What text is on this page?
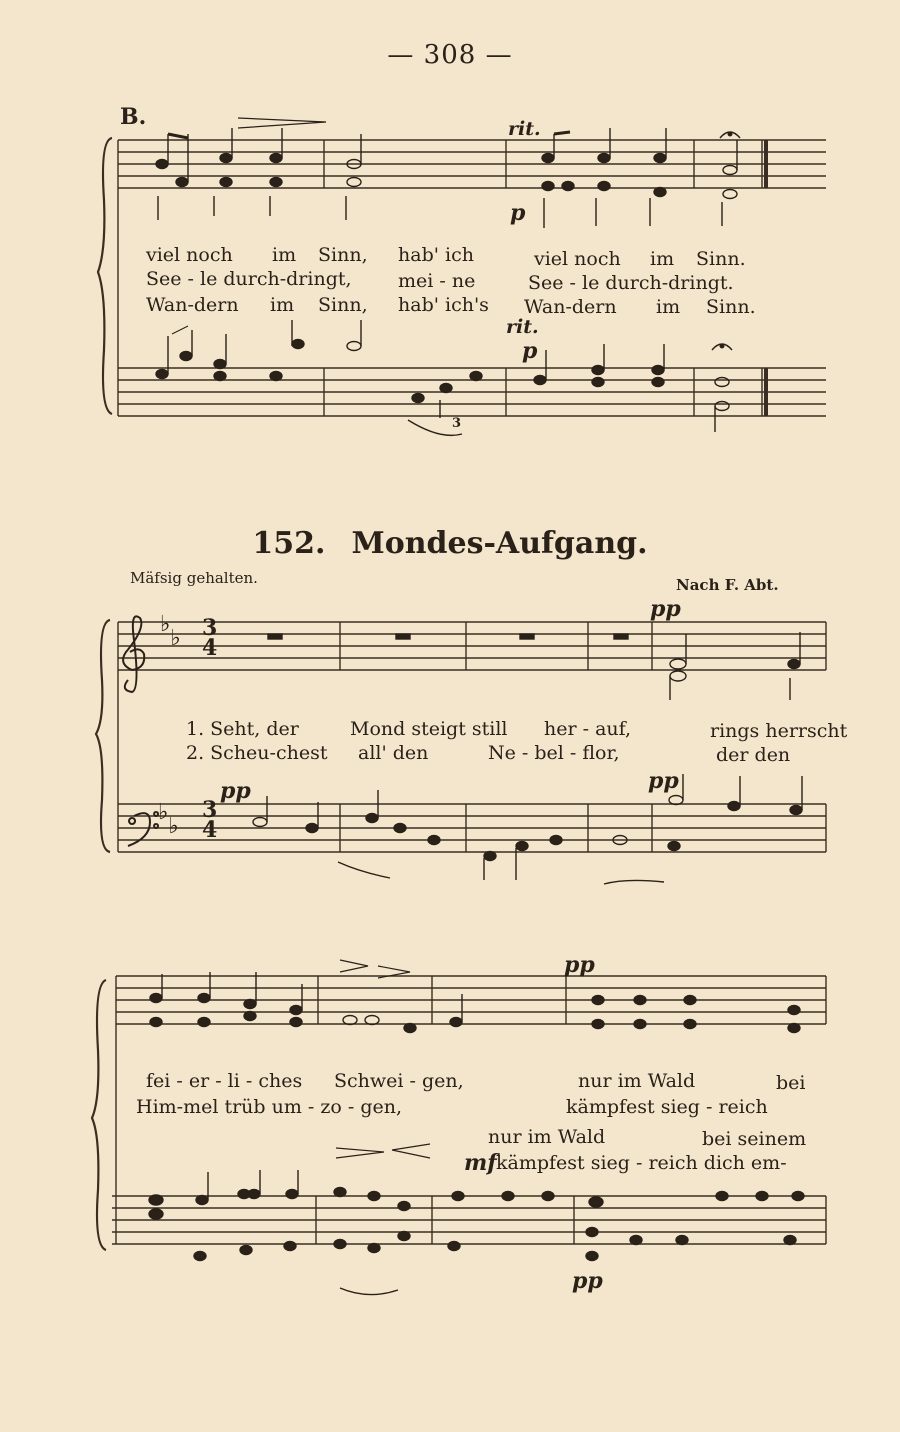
— 308 —
B.	rit.
p
rit.
p
3
viel noch im Sinn, hab' ich	viel noch im Sinn.
See - le durch-dringt, mei - ne	See - le durch-dringt.
Wan-dern im Sinn, hab' ich's Wan-dern im Sinn.
152. Mondes-Aufgang.
Mäfsig gehalten.	Nach F. Abt.
3
4
3
4
♭♭
♭♭
pp
pp	pp
pp
mf
pp
1. Seht, der	Mond steigt still her - auf,	rings herrscht
2. Scheu-chest all' den	Ne - bel - flor,	der den
fei - er - li - ches Schwei - gen,	nur im Wald	bei
Him-mel trüb um - zo - gen,	kämpfest sieg - reich
nur im Wald	bei seinem
kämpfest sieg - reich dich em-
